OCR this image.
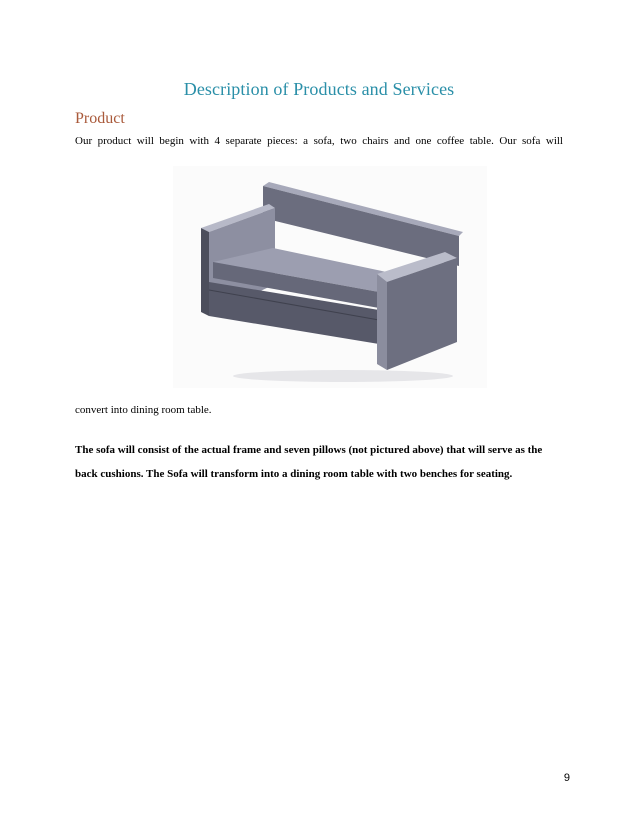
Description of Products and Services
Product
Our product will begin with 4 separate pieces: a sofa, two chairs and one coffee table. Our sofa will
convert into dining room table.
The sofa will consist of the actual frame and seven pillows (not pictured above) that will serve as the back cushions. The Sofa will transform into a dining room table with two benches for seating.
9
